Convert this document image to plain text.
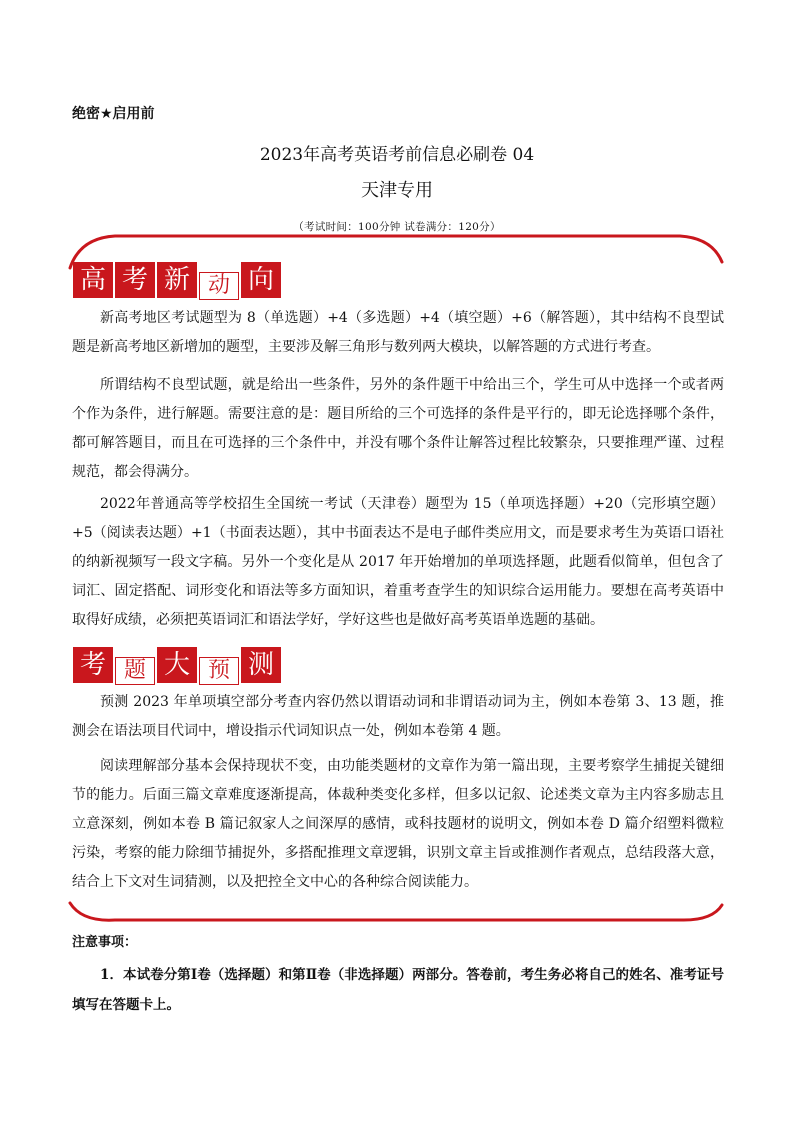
绝密★启用前
2023年高考英语考前信息必刷卷 04
天津专用
（考试时间：100分钟 试卷满分：120分）
高 考 新 动 向

新高考地区考试题型为 8（单选题）+4（多选题）+4（填空题）+6（解答题），其中结构不良型试题是新高考地区新增加的题型，主要涉及解三角形与数列两大模块，以解答题的方式进行考查。

所谓结构不良型试题，就是给出一些条件，另外的条件题干中给出三个，学生可从中选择一个或者两个作为条件，进行解题。需要注意的是：题目所给的三个可选择的条件是平行的，即无论选择哪个条件，都可解答题目，而且在可选择的三个条件中，并没有哪个条件让解答过程比较繁杂，只要推理严谨、过程规范，都会得满分。

2022年普通高等学校招生全国统一考试（天津卷）题型为 15（单项选择题）+20（完形填空题）+5（阅读表达题）+1（书面表达题），其中书面表达不是电子邮件类应用文，而是要求考生为英语口语社的纳新视频写一段文字稿。另外一个变化是从 2017 年开始增加的单项选择题，此题看似简单，但包含了词汇、固定搭配、词形变化和语法等多方面知识，着重考查学生的知识综合运用能力。要想在高考英语中取得好成绩，必须把英语词汇和语法学好，学好这些也是做好高考英语单选题的基础。

考 题 大 预 测

预测 2023 年单项填空部分考查内容仍然以谓语动词和非谓语动词为主，例如本卷第 3、13 题，推测会在语法项目代词中，增设指示代词知识点一处，例如本卷第 4 题。

阅读理解部分基本会保持现状不变，由功能类题材的文章作为第一篇出现，主要考察学生捕捉关键细节的能力。后面三篇文章难度逐渐提高，体裁种类变化多样，但多以记叙、论述类文章为主内容多励志且立意深刻，例如本卷 B 篇记叙家人之间深厚的感情，或科技题材的说明文，例如本卷 D 篇介绍塑料微粒污染，考察的能力除细节捕捉外，多搭配推理文章逻辑，识别文章主旨或推测作者观点，总结段落大意，结合上下文对生词猜测，以及把控全文中心的各种综合阅读能力。

注意事项：

1．本试卷分第Ⅰ卷（选择题）和第Ⅱ卷（非选择题）两部分。答卷前，考生务必将自己的姓名、准考证号填写在答题卡上。
